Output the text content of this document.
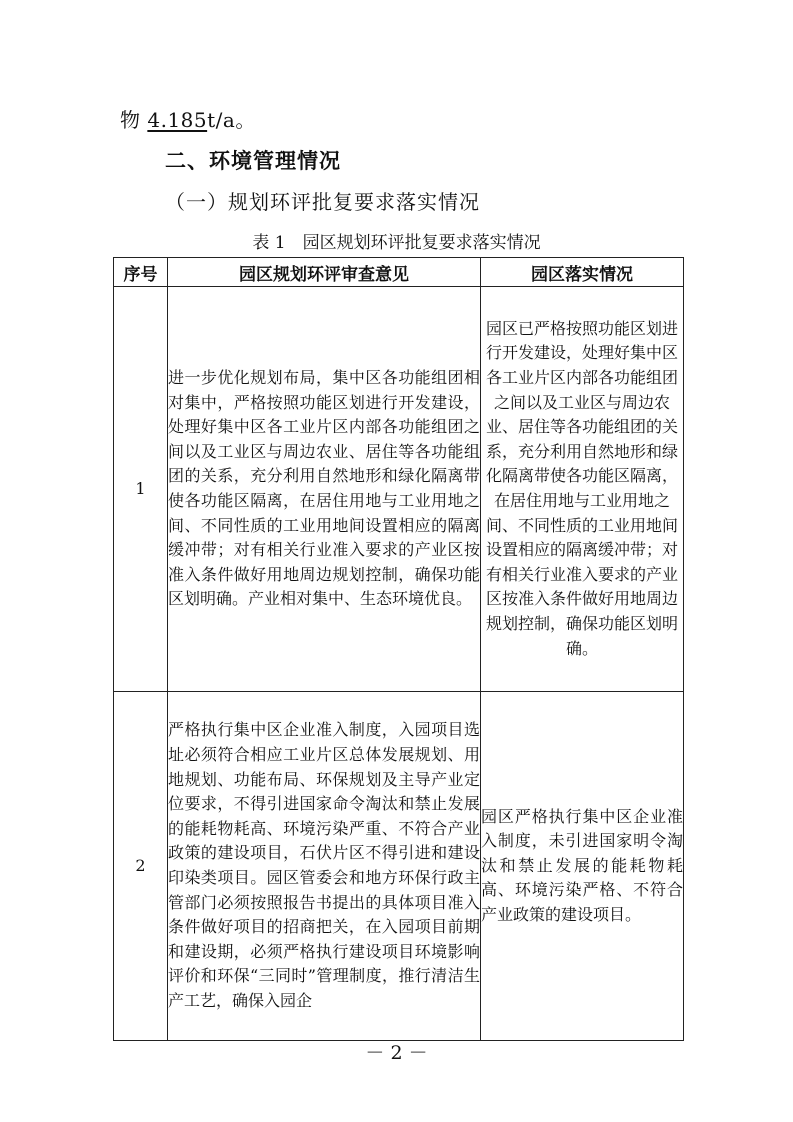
物 4.185t/a。
二、环境管理情况
（一）规划环评批复要求落实情况
表 1　园区规划环评批复要求落实情况
序号	园区规划环评审查意见	园区落实情况
1	进一步优化规划布局，集中区各功能组团相对集中，严格按照功能区划进行开发建设，处理好集中区各工业片区内部各功能组团之间以及工业区与周边农业、居住等各功能组团的关系，充分利用自然地形和绿化隔离带使各功能区隔离，在居住用地与工业用地之间、不同性质的工业用地间设置相应的隔离缓冲带；对有相关行业准入要求的产业区按准入条件做好用地周边规划控制，确保功能区划明确。产业相对集中、生态环境优良。	园区已严格按照功能区划进行开发建设，处理好集中区各工业片区内部各功能组团之间以及工业区与周边农业、居住等各功能组团的关系，充分利用自然地形和绿化隔离带使各功能区隔离，在居住用地与工业用地之间、不同性质的工业用地间设置相应的隔离缓冲带；对有相关行业准入要求的产业区按准入条件做好用地周边规划控制，确保功能区划明确。
2	严格执行集中区企业准入制度，入园项目选址必须符合相应工业片区总体发展规划、用地规划、功能布局、环保规划及主导产业定位要求，不得引进国家命令淘汰和禁止发展的能耗物耗高、环境污染严重、不符合产业政策的建设项目，石伏片区不得引进和建设印染类项目。园区管委会和地方环保行政主管部门必须按照报告书提出的具体项目准入条件做好项目的招商把关，在入园项目前期和建设期，必须严格执行建设项目环境影响评价和环保“三同时”管理制度，推行清洁生产工艺，确保入园企	园区严格执行集中区企业准入制度，未引进国家明令淘汰和禁止发展的能耗物耗高、环境污染严格、不符合产业政策的建设项目。
－ 2 －
